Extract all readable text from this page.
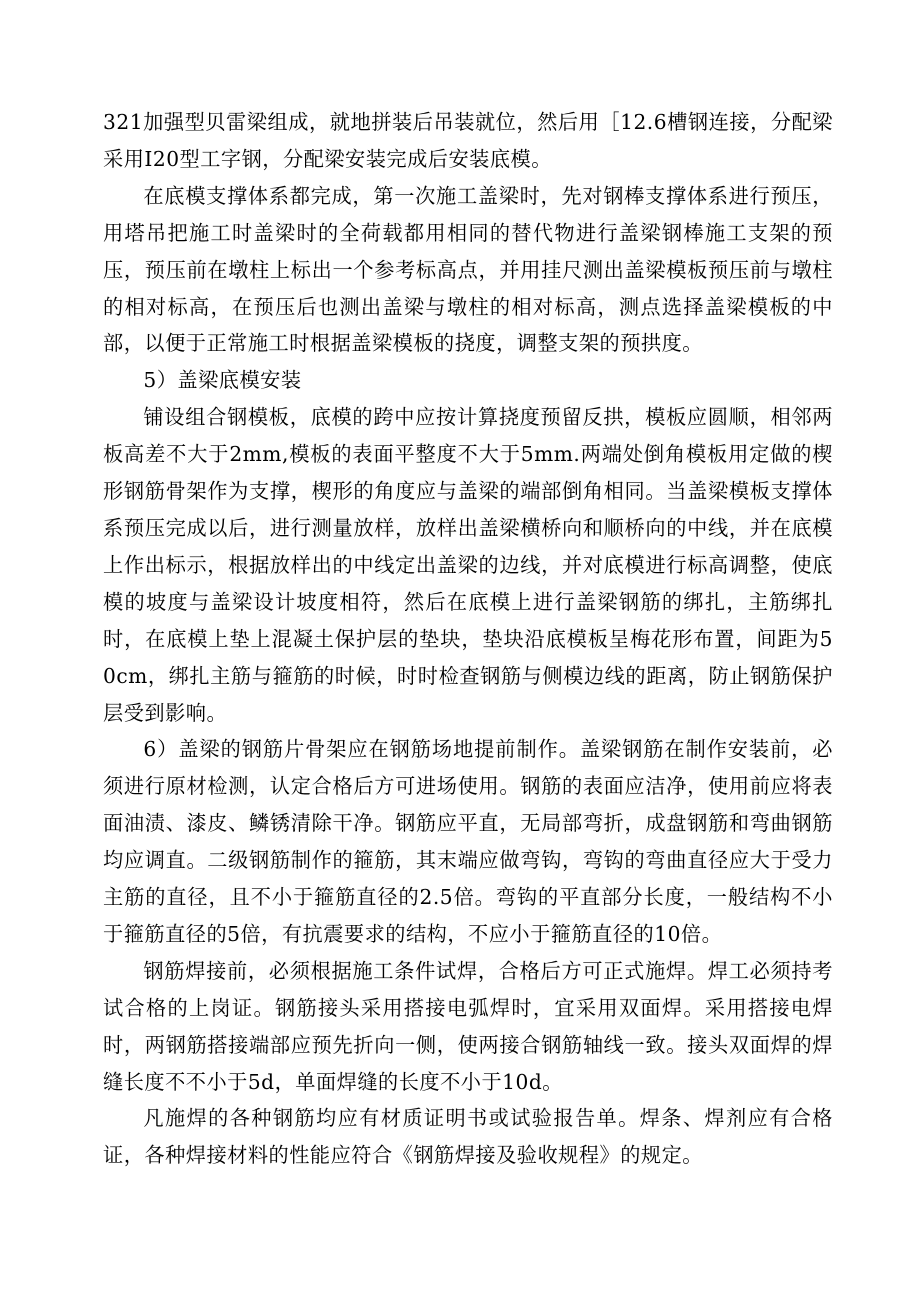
321加强型贝雷梁组成，就地拼装后吊装就位，然后用［12.6槽钢连接，分配梁采用I20型工字钢，分配梁安装完成后安装底模。

在底模支撑体系都完成，第一次施工盖梁时，先对钢棒支撑体系进行预压，用塔吊把施工时盖梁时的全荷载都用相同的替代物进行盖梁钢棒施工支架的预压，预压前在墩柱上标出一个参考标高点，并用挂尺测出盖梁模板预压前与墩柱的相对标高，在预压后也测出盖梁与墩柱的相对标高，测点选择盖梁模板的中部，以便于正常施工时根据盖梁模板的挠度，调整支架的预拱度。

5）盖梁底模安装

铺设组合钢模板，底模的跨中应按计算挠度预留反拱，模板应圆顺，相邻两板高差不大于2mm,模板的表面平整度不大于5mm.两端处倒角模板用定做的楔形钢筋骨架作为支撑，楔形的角度应与盖梁的端部倒角相同。当盖梁模板支撑体系预压完成以后，进行测量放样，放样出盖梁横桥向和顺桥向的中线，并在底模上作出标示，根据放样出的中线定出盖梁的边线，并对底模进行标高调整，使底模的坡度与盖梁设计坡度相符，然后在底模上进行盖梁钢筋的绑扎，主筋绑扎时，在底模上垫上混凝土保护层的垫块，垫块沿底模板呈梅花形布置，间距为50cm，绑扎主筋与箍筋的时候，时时检查钢筋与侧模边线的距离，防止钢筋保护层受到影响。

6）盖梁的钢筋片骨架应在钢筋场地提前制作。盖梁钢筋在制作安装前，必须进行原材检测，认定合格后方可进场使用。钢筋的表面应洁净，使用前应将表面油渍、漆皮、鳞锈清除干净。钢筋应平直，无局部弯折，成盘钢筋和弯曲钢筋均应调直。二级钢筋制作的箍筋，其末端应做弯钩，弯钩的弯曲直径应大于受力主筋的直径，且不小于箍筋直径的2.5倍。弯钩的平直部分长度，一般结构不小于箍筋直径的5倍，有抗震要求的结构，不应小于箍筋直径的10倍。

钢筋焊接前，必须根据施工条件试焊，合格后方可正式施焊。焊工必须持考试合格的上岗证。钢筋接头采用搭接电弧焊时，宜采用双面焊。采用搭接电焊时，两钢筋搭接端部应预先折向一侧，使两接合钢筋轴线一致。接头双面焊的焊缝长度不不小于5d，单面焊缝的长度不小于10d。

凡施焊的各种钢筋均应有材质证明书或试验报告单。焊条、焊剂应有合格证，各种焊接材料的性能应符合《钢筋焊接及验收规程》的规定。
